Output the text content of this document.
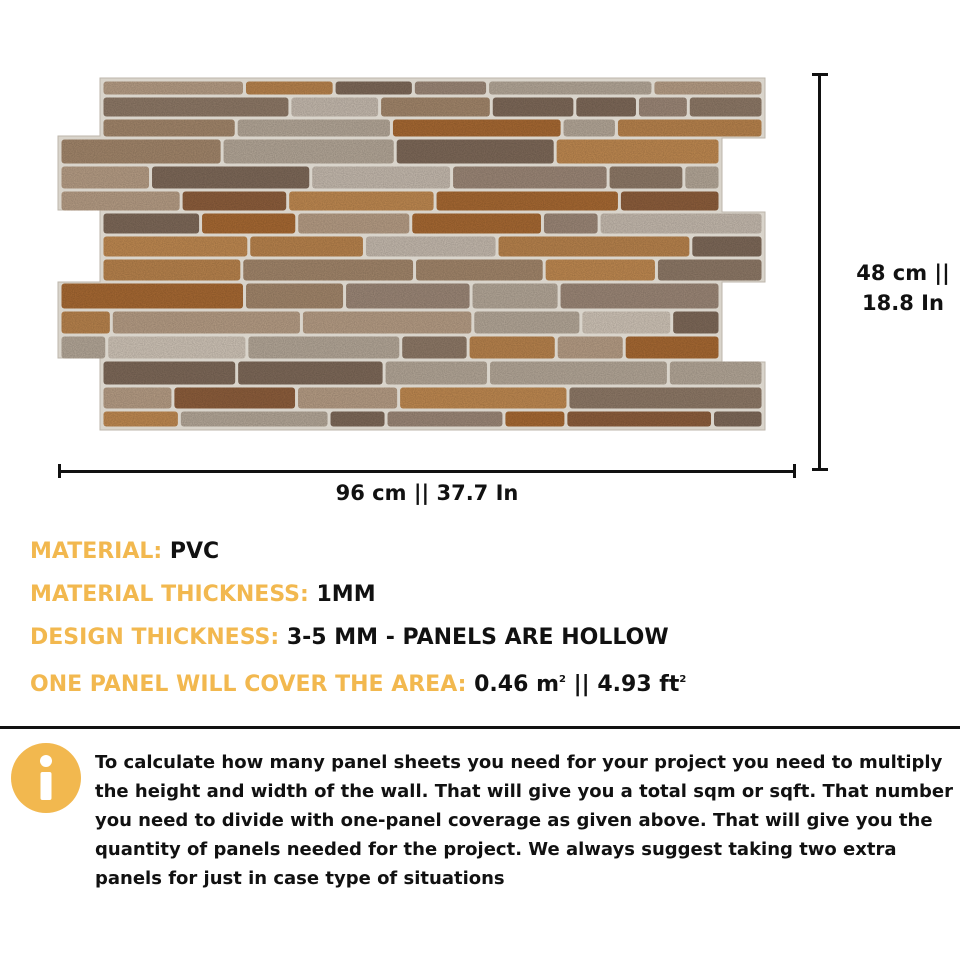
96 cm || 37.7 In
48 cm ||
18.8 In
MATERIAL: PVC
MATERIAL THICKNESS: 1MM
DESIGN THICKNESS: 3-5 MM - PANELS ARE HOLLOW
ONE PANEL WILL COVER THE AREA: 0.46 $m^2$ || 4.93 $ft^2$

To calculate how many panel sheets you need for your project you need to multiply the height and width of the wall. That will give you a total sqm or sqft. That number you need to divide with one-panel coverage as given above. That will give you the quantity of panels needed for the project. We always suggest taking two extra panels for just in case type of situations
